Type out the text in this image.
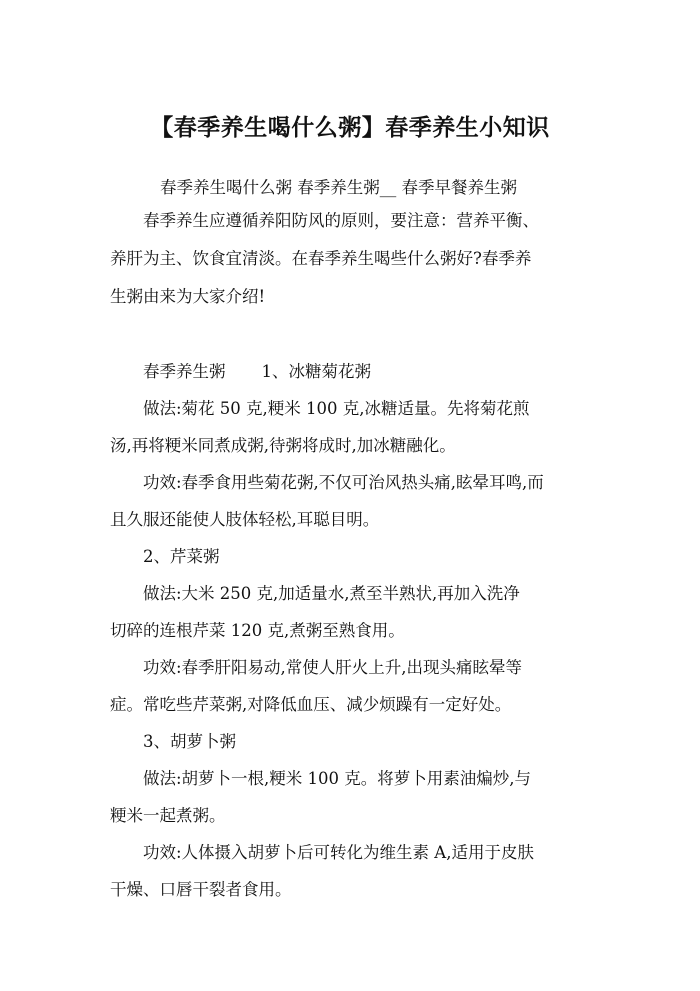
【春季养生喝什么粥】春季养生小知识

春季养生喝什么粥 春季养生粥__ 春季早餐养生粥

春季养生应遵循养阳防风的原则，要注意：营养平衡、

养肝为主、饮食宜清淡。在春季养生喝些什么粥好?春季养

生粥由来为大家介绍!

春季养生粥 1、冰糖菊花粥

做法:菊花 50 克,粳米 100 克,冰糖适量。先将菊花煎

汤,再将粳米同煮成粥,待粥将成时,加冰糖融化。

功效:春季食用些菊花粥,不仅可治风热头痛,眩晕耳鸣,而

且久服还能使人肢体轻松,耳聪目明。

2、芹菜粥

做法:大米 250 克,加适量水,煮至半熟状,再加入洗净

切碎的连根芹菜 120 克,煮粥至熟食用。

功效:春季肝阳易动,常使人肝火上升,出现头痛眩晕等

症。常吃些芹菜粥,对降低血压、减少烦躁有一定好处。

3、胡萝卜粥

做法:胡萝卜一根,粳米 100 克。将萝卜用素油煸炒,与

粳米一起煮粥。

功效:人体摄入胡萝卜后可转化为维生素 A,适用于皮肤

干燥、口唇干裂者食用。
